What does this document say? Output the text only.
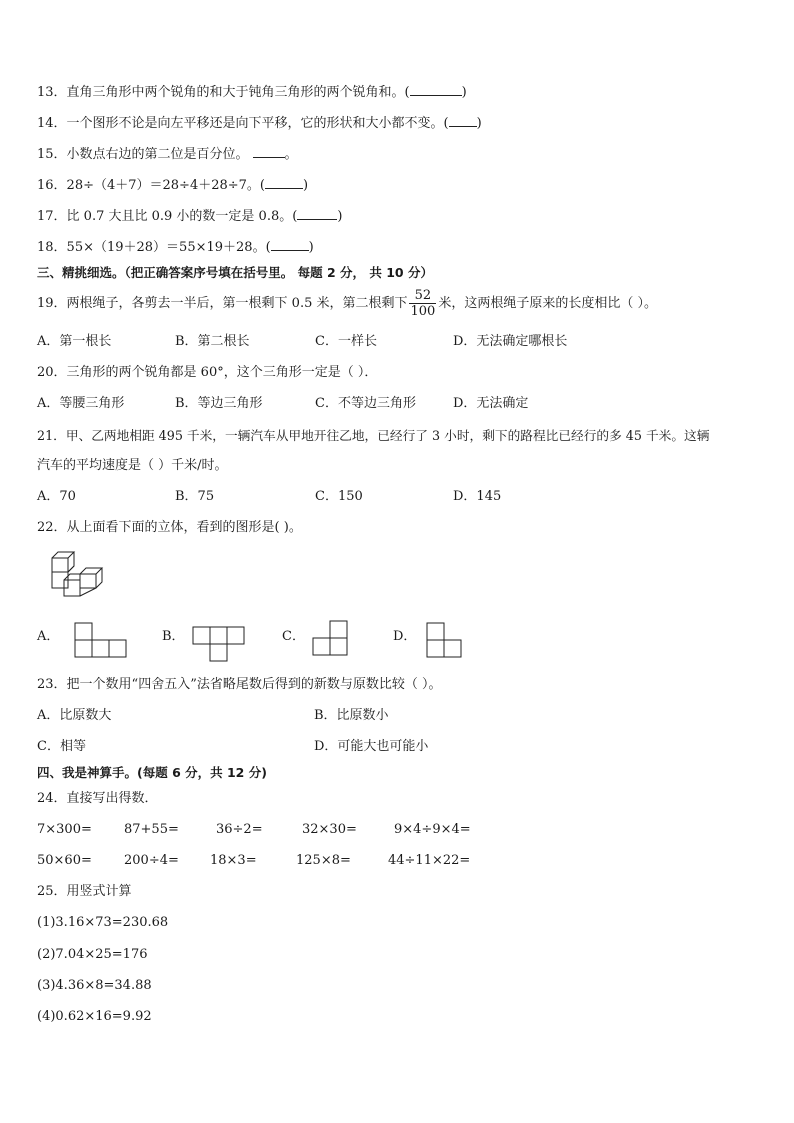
13．直角三角形中两个锐角的和大于钝角三角形的两个锐角和。(	)
14．一个图形不论是向左平移还是向下平移，它的形状和大小都不变。( )
15．小数点右边的第二位是百分位。	。
16．28÷（4＋7）＝28÷4＋28÷7。(	)
17．比 0.7 大且比 0.9 小的数一定是 0.8。(	)
18．55×（19＋28）＝55×19＋28。(	)
三、精挑细选。（把正确答案序号填在括号里。 每题 2 分， 共 10 分）
19．两根绳子，各剪去一半后，第一根剩下 0.5 米，第二根剩下 $\frac{52}{100}$ 米，这两根绳子原来的长度相比（ ）。
A．第一根长	B．第二根长	C．一样长	D．无法确定哪根长
20．三角形的两个锐角都是 60°，这个三角形一定是（ ）．
A．等腰三角形	B．等边三角形	C．不等边三角形	D．无法确定
21．甲、乙两地相距 495 千米，一辆汽车从甲地开往乙地，已经行了 3 小时，剩下的路程比已经行的多 45 千米。这辆
汽车的平均速度是（ ）千米/时。
A．70	B．75	C．150	D．145
22．从上面看下面的立体，看到的图形是( )。
A．	B．	C．	D．
23．把一个数用“四舍五入”法省略尾数后得到的新数与原数比较（ ）。
A．比原数大	B．比原数小
C．相等	D．可能大也可能小
四、我是神算手。(每题 6 分，共 12 分)
24．直接写出得数．
7×300= 87+55=	36÷2=	32×30=	9×4÷9×4=
50×60= 200÷4= 18×3=	125×8=	44÷11×22=
25．用竖式计算
(1)3.16×73=230.68
(2)7.04×25=176
(3)4.36×8=34.88
(4)0.62×16=9.92
